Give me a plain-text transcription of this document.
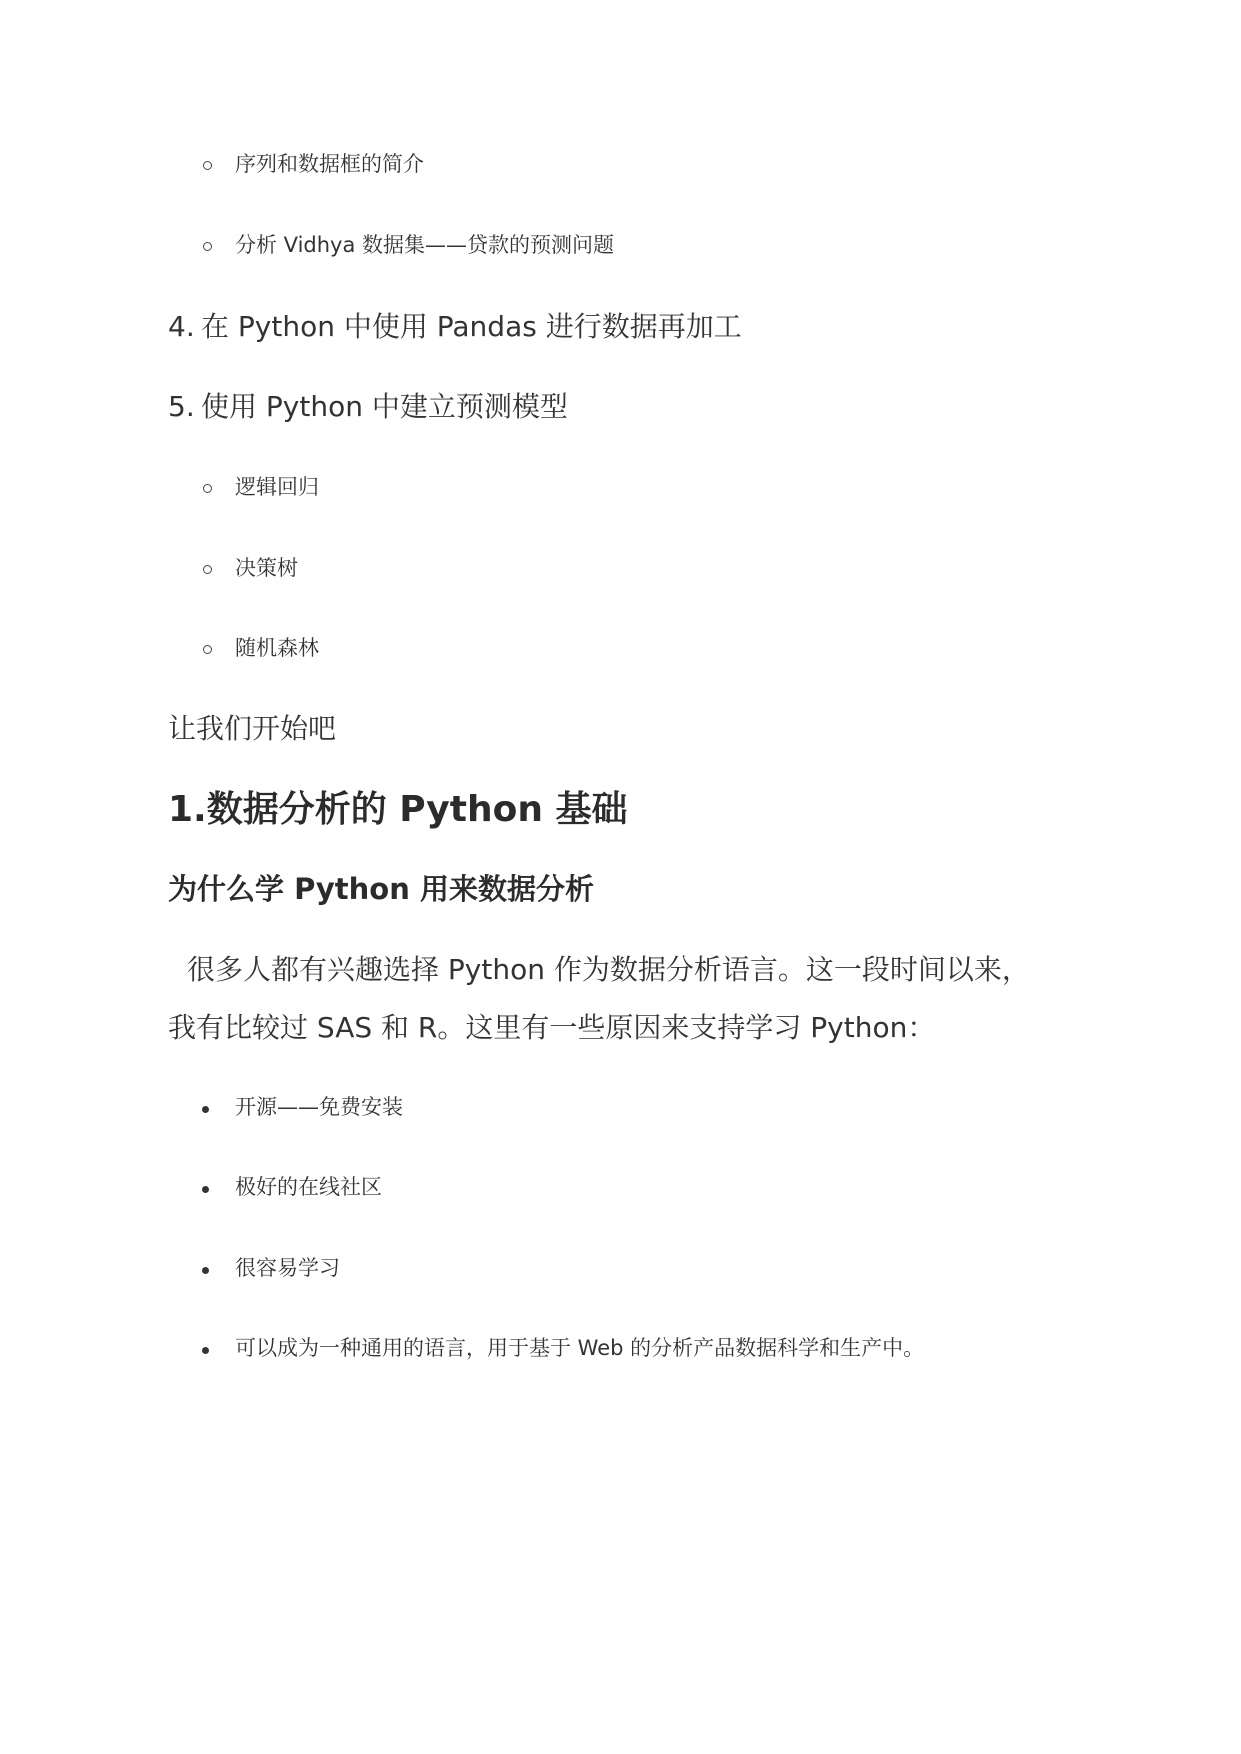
序列和数据框的简介
分析 Vidhya 数据集——贷款的预测问题
4. 在 Python 中使用 Pandas 进行数据再加工
5. 使用 Python 中建立预测模型
逻辑回归
决策树
随机森林
让我们开始吧
1.数据分析的 Python 基础
为什么学 Python 用来数据分析
很多人都有兴趣选择 Python 作为数据分析语言。这一段时间以来，
我有比较过 SAS 和 R。这里有一些原因来支持学习 Python：
开源——免费安装
极好的在线社区
很容易学习
可以成为一种通用的语言，用于基于 Web 的分析产品数据科学和生产中。
